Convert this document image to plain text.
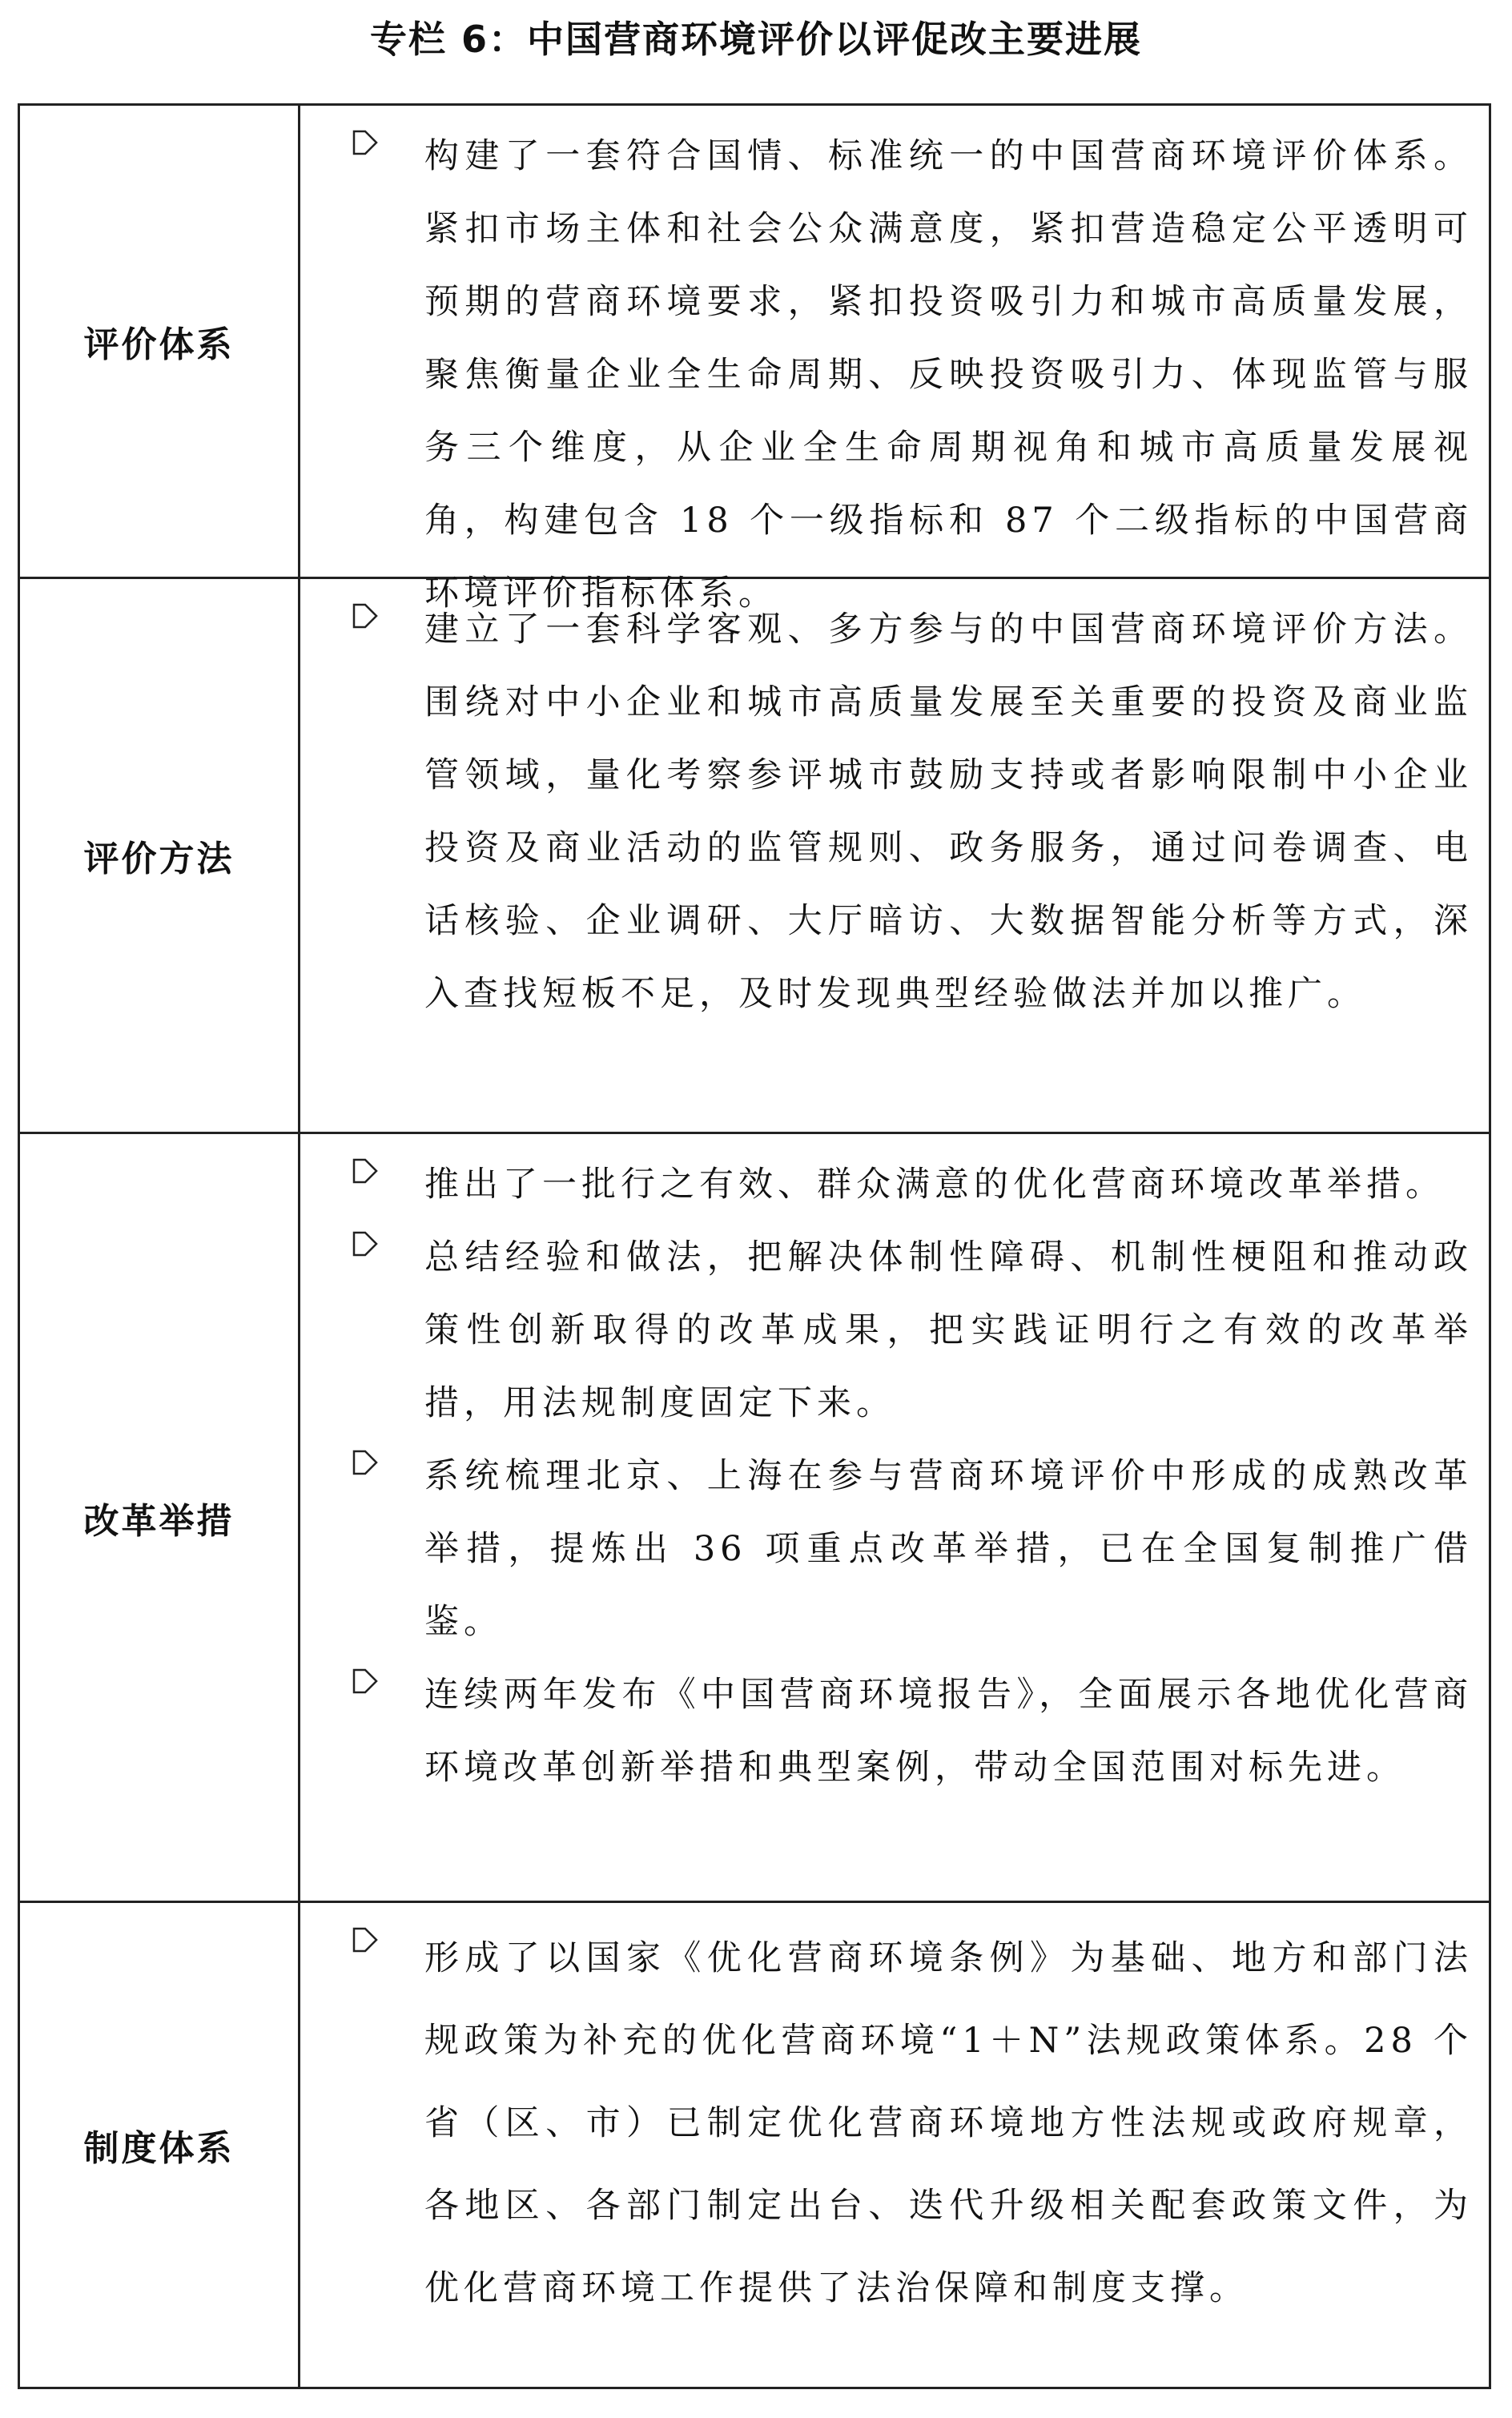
专栏 6：中国营商环境评价以评促改主要进展
评价体系
构建了一套符合国情、标准统一的中国营商环境评价体系。紧扣市场主体和社会公众满意度，紧扣营造稳定公平透明可预期的营商环境要求，紧扣投资吸引力和城市高质量发展，聚焦衡量企业全生命周期、反映投资吸引力、体现监管与服务三个维度，从企业全生命周期视角和城市高质量发展视角，构建包含 18 个一级指标和 87 个二级指标的中国营商环境评价指标体系。
评价方法
建立了一套科学客观、多方参与的中国营商环境评价方法。围绕对中小企业和城市高质量发展至关重要的投资及商业监管领域，量化考察参评城市鼓励支持或者影响限制中小企业投资及商业活动的监管规则、政务服务，通过问卷调查、电话核验、企业调研、大厅暗访、大数据智能分析等方式，深入查找短板不足，及时发现典型经验做法并加以推广。
改革举措
推出了一批行之有效、群众满意的优化营商环境改革举措。
总结经验和做法，把解决体制性障碍、机制性梗阻和推动政策性创新取得的改革成果，把实践证明行之有效的改革举措，用法规制度固定下来。
系统梳理北京、上海在参与营商环境评价中形成的成熟改革举措，提炼出 36 项重点改革举措，已在全国复制推广借鉴。
连续两年发布《中国营商环境报告》，全面展示各地优化营商环境改革创新举措和典型案例，带动全国范围对标先进。
制度体系
形成了以国家《优化营商环境条例》为基础、地方和部门法规政策为补充的优化营商环境“1＋N”法规政策体系。28 个省（区、市）已制定优化营商环境地方性法规或政府规章，各地区、各部门制定出台、迭代升级相关配套政策文件，为优化营商环境工作提供了法治保障和制度支撑。
